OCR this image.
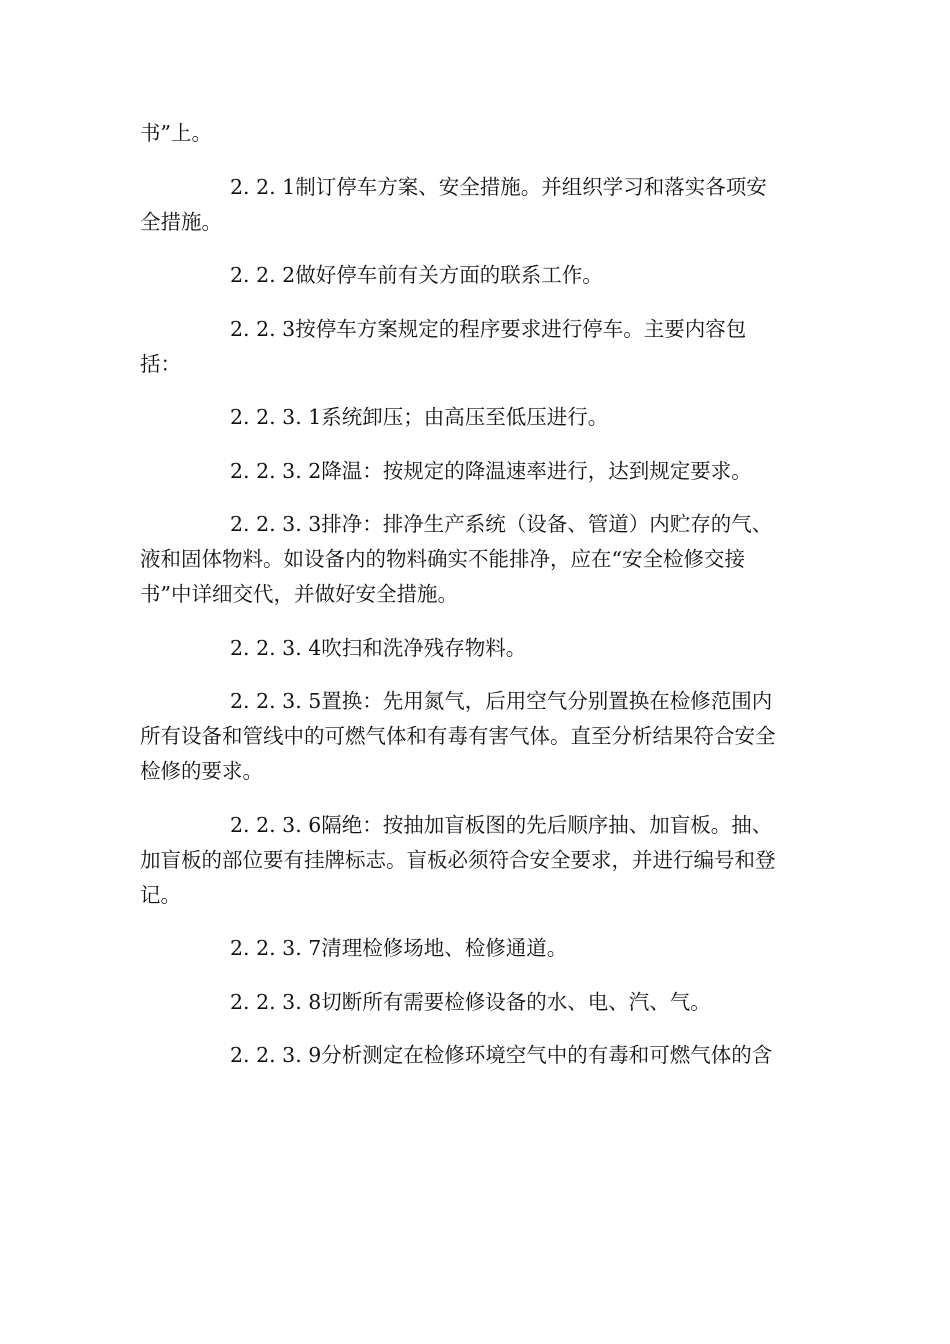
书”上。
2. 2. 1制订停车方案、安全措施。并组织学习和落实各项安
全措施。
2. 2. 2做好停车前有关方面的联系工作。
2. 2. 3按停车方案规定的程序要求进行停车。主要内容包
括：
2. 2. 3. 1系统卸压；由高压至低压进行。
2. 2. 3. 2降温：按规定的降温速率进行，达到规定要求。
2. 2. 3. 3排净：排净生产系统（设备、管道）内贮存的气、
液和固体物料。如设备内的物料确实不能排净，应在“安全检修交接
书”中详细交代，并做好安全措施。
2. 2. 3. 4吹扫和洗净残存物料。
2. 2. 3. 5置换：先用氮气，后用空气分别置换在检修范围内
所有设备和管线中的可燃气体和有毒有害气体。直至分析结果符合安全
检修的要求。
2. 2. 3. 6隔绝：按抽加盲板图的先后顺序抽、加盲板。抽、
加盲板的部位要有挂牌标志。盲板必须符合安全要求，并进行编号和登
记。
2. 2. 3. 7清理检修场地、检修通道。
2. 2. 3. 8切断所有需要检修设备的水、电、汽、气。
2. 2. 3. 9分析测定在检修环境空气中的有毒和可燃气体的含
